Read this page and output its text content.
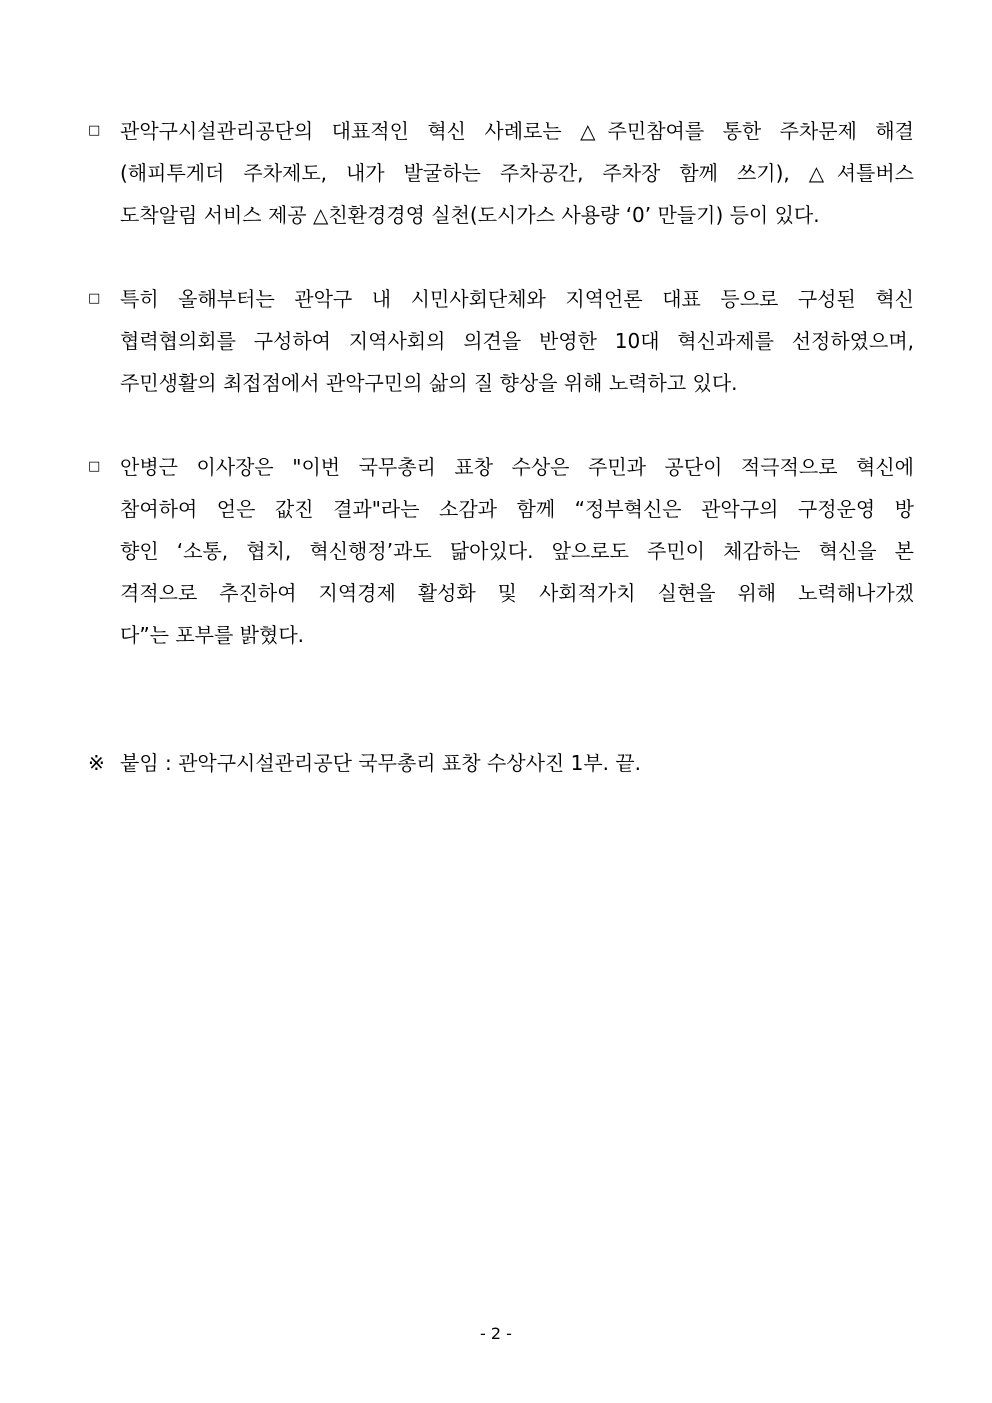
□ 관악구시설관리공단의 대표적인 혁신 사례로는 △주민참여를 통한 주차문제 해결
(해피투게더 주차제도, 내가 발굴하는 주차공간, 주차장 함께 쓰기), △셔틀버스
도착알림 서비스 제공 △친환경경영 실천(도시가스 사용량 ‘0’ 만들기) 등이 있다.
□ 특히 올해부터는 관악구 내 시민사회단체와 지역언론 대표 등으로 구성된 혁신
협력협의회를 구성하여 지역사회의 의견을 반영한 10대 혁신과제를 선정하였으며,
주민생활의 최접점에서 관악구민의 삶의 질 향상을 위해 노력하고 있다.
□ 안병근 이사장은 "이번 국무총리 표창 수상은 주민과 공단이 적극적으로 혁신에
참여하여 얻은 값진 결과"라는 소감과 함께 “정부혁신은 관악구의 구정운영 방
향인 ‘소통, 협치, 혁신행정’과도 닮아있다. 앞으로도 주민이 체감하는 혁신을 본
격적으로 추진하여 지역경제 활성화 및 사회적가치 실현을 위해 노력해나가겠
다”는 포부를 밝혔다.
※ 붙임 : 관악구시설관리공단 국무총리 표창 수상사진 1부. 끝.
- 2 -
